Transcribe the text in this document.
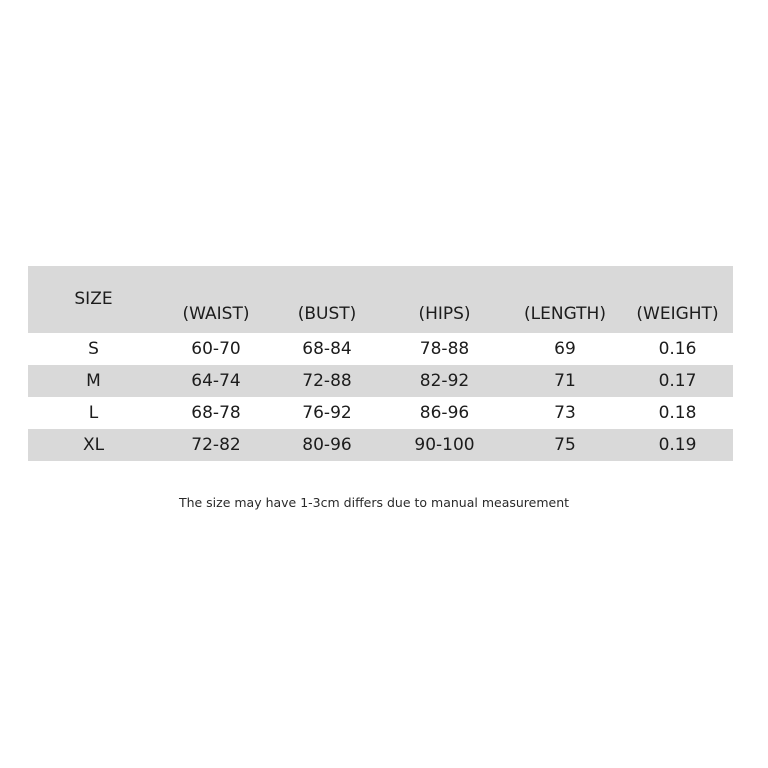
SIZE	(WAIST)	(BUST)	(HIPS)	(LENGTH)	(WEIGHT)
S	60-70	68-84	78-88	69	0.16
M	64-74	72-88	82-92	71	0.17
L	68-78	76-92	86-96	73	0.18
XL	72-82	80-96	90-100	75	0.19
The size may have 1-3cm differs due to manual measurement
